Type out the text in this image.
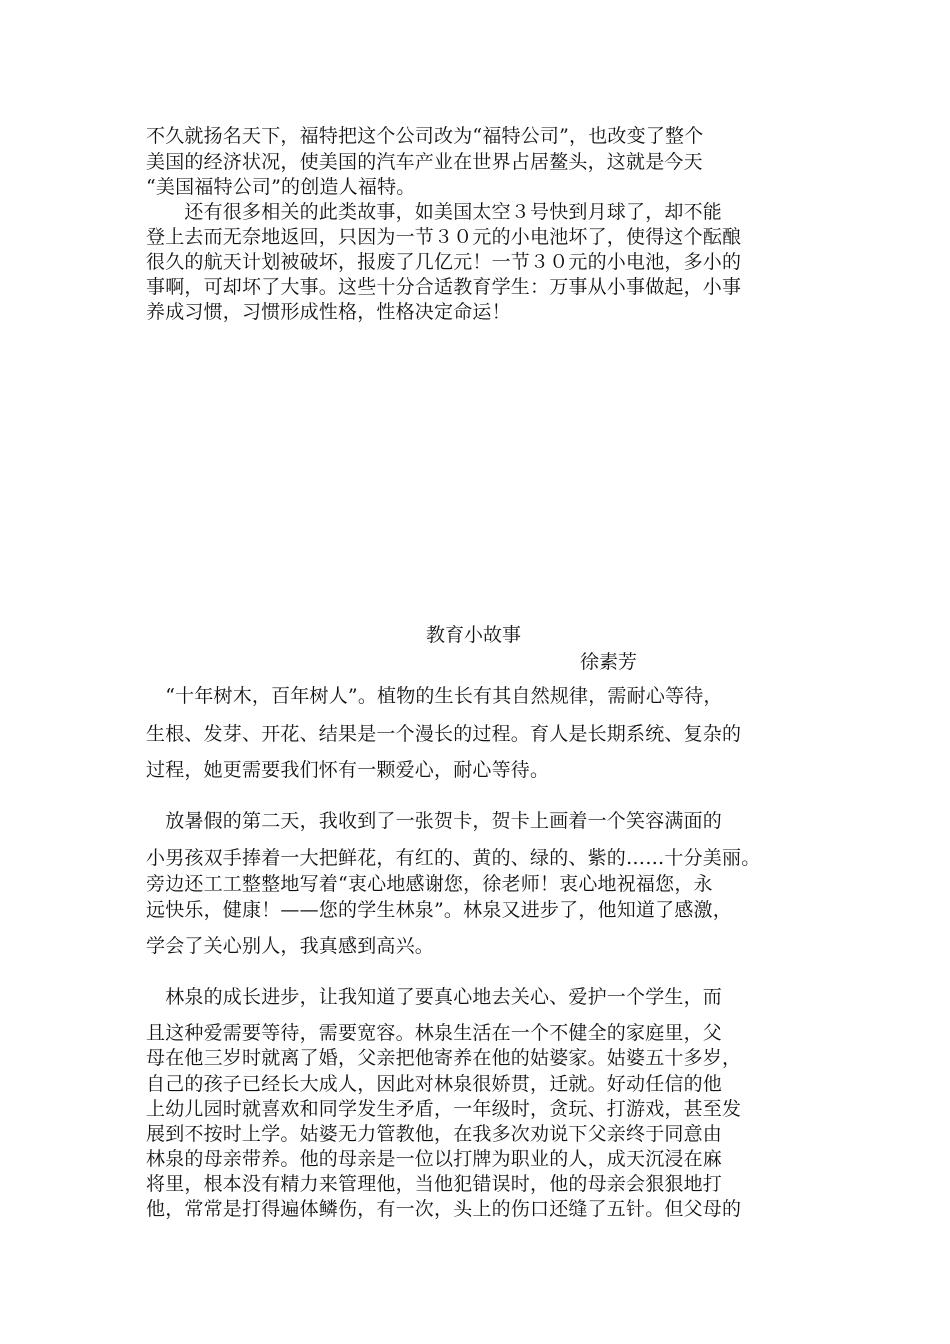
不久就扬名天下，福特把这个公司改为“福特公司”，也改变了整个
美国的经济状况，使美国的汽车产业在世界占居鳌头，这就是今天
“美国福特公司”的创造人福特。
　　还有很多相关的此类故事，如美国太空３号快到月球了，却不能
登上去而无奈地返回，只因为一节３０元的小电池坏了，使得这个酝酿
很久的航天计划被破坏，报废了几亿元！一节３０元的小电池，多小的
事啊，可却坏了大事。这些十分合适教育学生：万事从小事做起，小事
养成习惯，习惯形成性格，性格决定命运！
教育小故事
徐素芳
　“十年树木，百年树人”。植物的生长有其自然规律，需耐心等待，
生根、发芽、开花、结果是一个漫长的过程。育人是长期系统、复杂的
过程，她更需要我们怀有一颗爱心，耐心等待。
　放暑假的第二天，我收到了一张贺卡，贺卡上画着一个笑容满面的
小男孩双手捧着一大把鲜花，有红的、黄的、绿的、紫的……十分美丽。
旁边还工工整整地写着“衷心地感谢您，徐老师！衷心地祝福您，永
远快乐，健康！——您的学生林泉”。林泉又进步了，他知道了感激，
学会了关心别人，我真感到高兴。
　林泉的成长进步，让我知道了要真心地去关心、爱护一个学生，而
且这种爱需要等待，需要宽容。林泉生活在一个不健全的家庭里，父
母在他三岁时就离了婚，父亲把他寄养在他的姑婆家。姑婆五十多岁，
自己的孩子已经长大成人，因此对林泉很娇贯，迁就。好动任信的他
上幼儿园时就喜欢和同学发生矛盾，一年级时，贪玩、打游戏，甚至发
展到不按时上学。姑婆无力管教他，在我多次劝说下父亲终于同意由
林泉的母亲带养。他的母亲是一位以打牌为职业的人，成天沉浸在麻
将里，根本没有精力来管理他，当他犯错误时，他的母亲会狠狠地打
他，常常是打得遍体鳞伤，有一次，头上的伤口还缝了五针。但父母的
